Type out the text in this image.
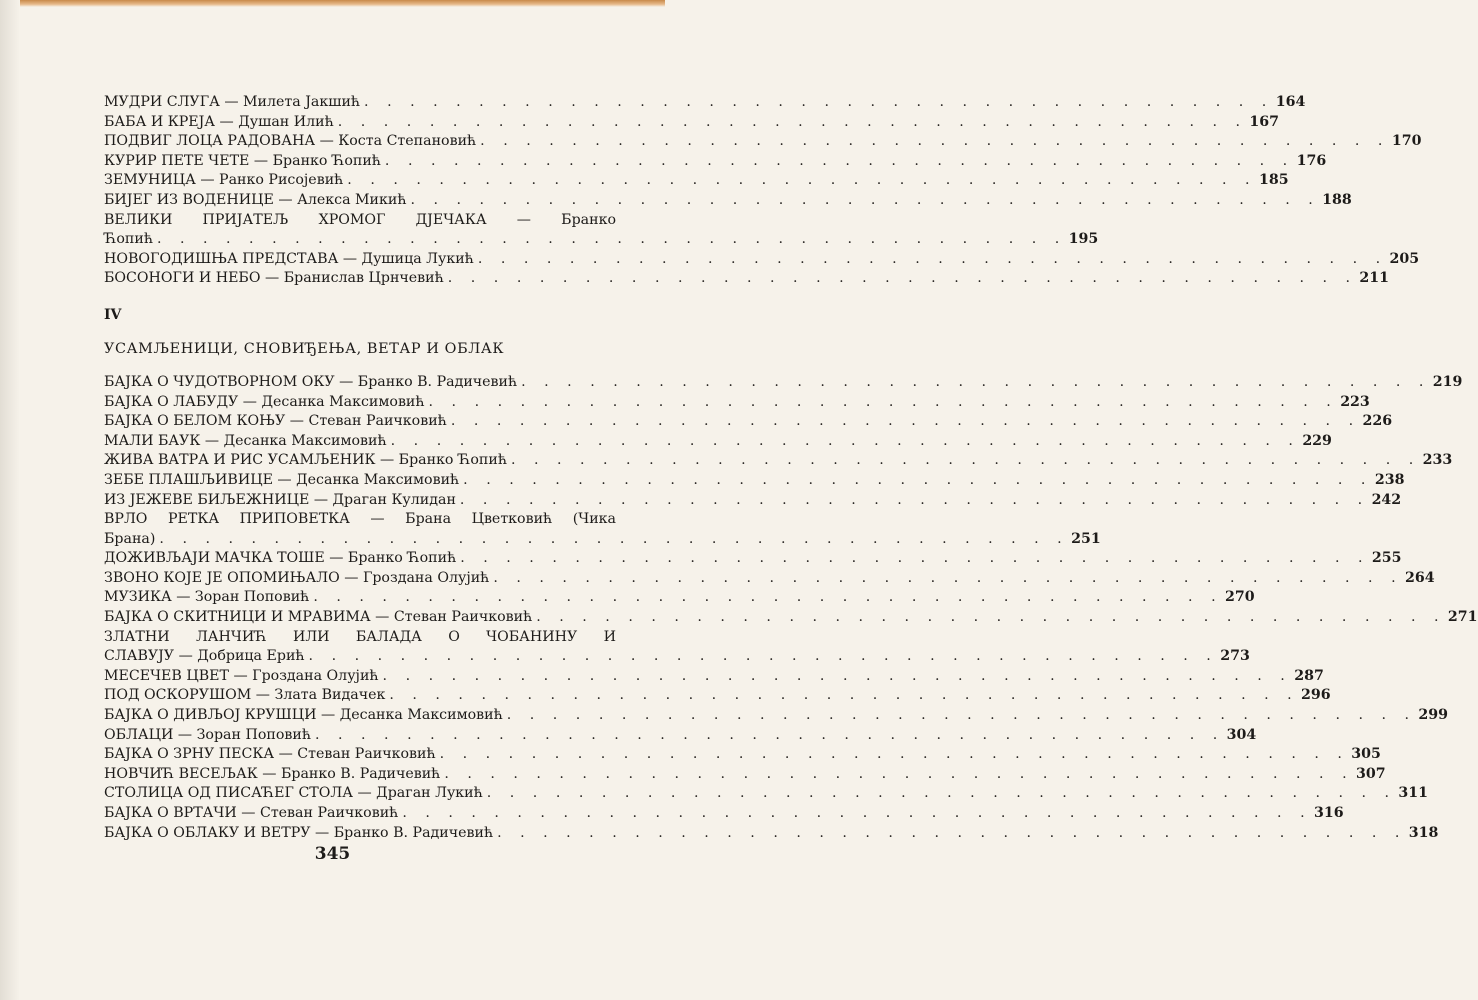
МУДРИ СЛУГА — Милета Јакшић . . . . . . . . . . . . . . . . . . . . . . . . . . . . . . . . . . . . . . . . 164
БАБА И КРЕЈА — Душан Илић . . . . . . . . . . . . . . . . . . . . . . . . . . . . . . . . . . . . . . . . 167
ПОДВИГ ЛОЦА РАДОВАНА — Коста Степановић . . . . . . . . . . . . . . . . . . . . . . . . . . . . . . . . . . . . . . . . 170
КУРИР ПЕТЕ ЧЕТЕ — Бранко Ћопић . . . . . . . . . . . . . . . . . . . . . . . . . . . . . . . . . . . . . . . . 176
ЗЕМУНИЦА — Ранко Рисојевић . . . . . . . . . . . . . . . . . . . . . . . . . . . . . . . . . . . . . . . . 185
БИЈЕГ ИЗ ВОДЕНИЦЕ — Алекса Микић . . . . . . . . . . . . . . . . . . . . . . . . . . . . . . . . . . . . . . . . 188
ВЕЛИКИ ПРИЈАТЕЉ ХРОМОГ ДЈЕЧАКА — Бранко
Ћопић . . . . . . . . . . . . . . . . . . . . . . . . . . . . . . . . . . . . . . . . 195
НОВОГОДИШЊА ПРЕДСТАВА — Душица Лукић . . . . . . . . . . . . . . . . . . . . . . . . . . . . . . . . . . . . . . . . 205
БОСОНОГИ И НЕБО — Бранислав Црнчевић . . . . . . . . . . . . . . . . . . . . . . . . . . . . . . . . . . . . . . . . 211
IV
УСАМЉЕНИЦИ, СНОВИЂЕЊА, ВЕТАР И ОБЛАК
БАЈКА О ЧУДОТВОРНОМ ОКУ — Бранко В. Радичевић . . . . . . . . . . . . . . . . . . . . . . . . . . . . . . . . . . . . . . . . 219
БАЈКА О ЛАБУДУ — Десанка Максимовић . . . . . . . . . . . . . . . . . . . . . . . . . . . . . . . . . . . . . . . . 223
БАЈКА О БЕЛОМ КОЊУ — Стеван Раичковић . . . . . . . . . . . . . . . . . . . . . . . . . . . . . . . . . . . . . . . . 226
МАЛИ БАУК — Десанка Максимовић . . . . . . . . . . . . . . . . . . . . . . . . . . . . . . . . . . . . . . . . 229
ЖИВА ВАТРА И РИС УСАМЉЕНИК — Бранко Ћопић . . . . . . . . . . . . . . . . . . . . . . . . . . . . . . . . . . . . . . . . 233
ЗЕБЕ ПЛАШЉИВИЦЕ — Десанка Максимовић . . . . . . . . . . . . . . . . . . . . . . . . . . . . . . . . . . . . . . . . 238
ИЗ ЈЕЖЕВЕ БИЉЕЖНИЦЕ — Драган Кулидан . . . . . . . . . . . . . . . . . . . . . . . . . . . . . . . . . . . . . . . . 242
ВРЛО РЕТКА ПРИПОВЕТКА — Брана Цветковић (Чика
Брана) . . . . . . . . . . . . . . . . . . . . . . . . . . . . . . . . . . . . . . . . 251
ДОЖИВЉАЈИ МАЧКА ТОШЕ — Бранко Ћопић . . . . . . . . . . . . . . . . . . . . . . . . . . . . . . . . . . . . . . . . 255
ЗВОНО КОЈЕ ЈЕ ОПОМИЊАЛО — Гроздана Олујић . . . . . . . . . . . . . . . . . . . . . . . . . . . . . . . . . . . . . . . . 264
МУЗИКА — Зоран Поповић . . . . . . . . . . . . . . . . . . . . . . . . . . . . . . . . . . . . . . . . 270
БАЈКА О СКИТНИЦИ И МРАВИМА — Стеван Раичковић . . . . . . . . . . . . . . . . . . . . . . . . . . . . . . . . . . . . . . . . 271
ЗЛАТНИ ЛАНЧИЋ ИЛИ БАЛАДА О ЧОБАНИНУ И
СЛАВУЈУ — Добрица Ерић . . . . . . . . . . . . . . . . . . . . . . . . . . . . . . . . . . . . . . . . 273
МЕСЕЧЕВ ЦВЕТ — Гроздана Олујић . . . . . . . . . . . . . . . . . . . . . . . . . . . . . . . . . . . . . . . . 287
ПОД ОСКОРУШОМ — Злата Видачек . . . . . . . . . . . . . . . . . . . . . . . . . . . . . . . . . . . . . . . . 296
БАЈКА О ДИВЉОЈ КРУШЦИ — Десанка Максимовић . . . . . . . . . . . . . . . . . . . . . . . . . . . . . . . . . . . . . . . . 299
ОБЛАЦИ — Зоран Поповић . . . . . . . . . . . . . . . . . . . . . . . . . . . . . . . . . . . . . . . . 304
БАЈКА О ЗРНУ ПЕСКА — Стеван Раичковић . . . . . . . . . . . . . . . . . . . . . . . . . . . . . . . . . . . . . . . . 305
НОВЧИЋ ВЕСЕЉАК — Бранко В. Радичевић . . . . . . . . . . . . . . . . . . . . . . . . . . . . . . . . . . . . . . . . 307
СТОЛИЦА ОД ПИСАЋЕГ СТОЛА — Драган Лукић . . . . . . . . . . . . . . . . . . . . . . . . . . . . . . . . . . . . . . . . 311
БАЈКА О ВРТАЧИ — Стеван Раичковић . . . . . . . . . . . . . . . . . . . . . . . . . . . . . . . . . . . . . . . . 316
БАЈКА О ОБЛАКУ И ВЕТРУ — Бранко В. Радичевић . . . . . . . . . . . . . . . . . . . . . . . . . . . . . . . . . . . . . . . . 318
345
